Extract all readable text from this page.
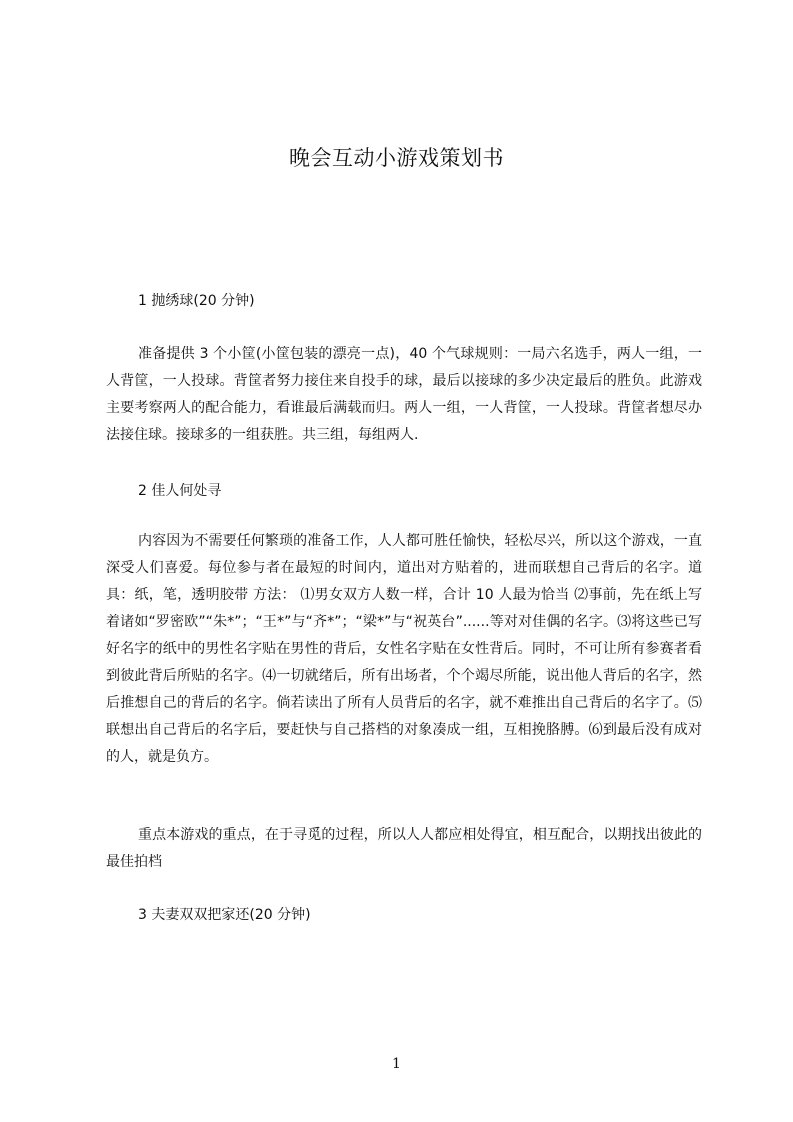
晚会互动小游戏策划书

1 抛绣球(20 分钟)

准备提供 3 个小筐(小筐包装的漂亮一点)，40 个气球规则：一局六名选手，两人一组，一人背筐，一人投球。背筐者努力接住来自投手的球，最后以接球的多少决定最后的胜负。此游戏主要考察两人的配合能力，看谁最后满载而归。两人一组，一人背筐，一人投球。背筐者想尽办法接住球。接球多的一组获胜。共三组，每组两人.

2 佳人何处寻

内容因为不需要任何繁琐的准备工作，人人都可胜任愉快，轻松尽兴，所以这个游戏，一直深受人们喜爱。每位参与者在最短的时间内，道出对方贴着的，进而联想自己背后的名字。道具：纸，笔，透明胶带 方法： ⑴男女双方人数一样，合计 10 人最为恰当 ⑵事前，先在纸上写着诸如“罗密欧”“朱*”；“王*”与“齐*”；“梁*”与“祝英台”......等对对佳偶的名字。⑶将这些已写好名字的纸中的男性名字贴在男性的背后，女性名字贴在女性背后。同时，不可让所有参赛者看到彼此背后所贴的名字。⑷一切就绪后，所有出场者，个个竭尽所能，说出他人背后的名字，然后推想自己的背后的名字。倘若读出了所有人员背后的名字，就不难推出自己背后的名字了。⑸联想出自己背后的名字后，要赶快与自己搭档的对象凑成一组，互相挽胳膊。⑹到最后没有成对的人，就是负方。

重点本游戏的重点，在于寻觅的过程，所以人人都应相处得宜，相互配合，以期找出彼此的最佳拍档

3 夫妻双双把家还(20 分钟)

1
